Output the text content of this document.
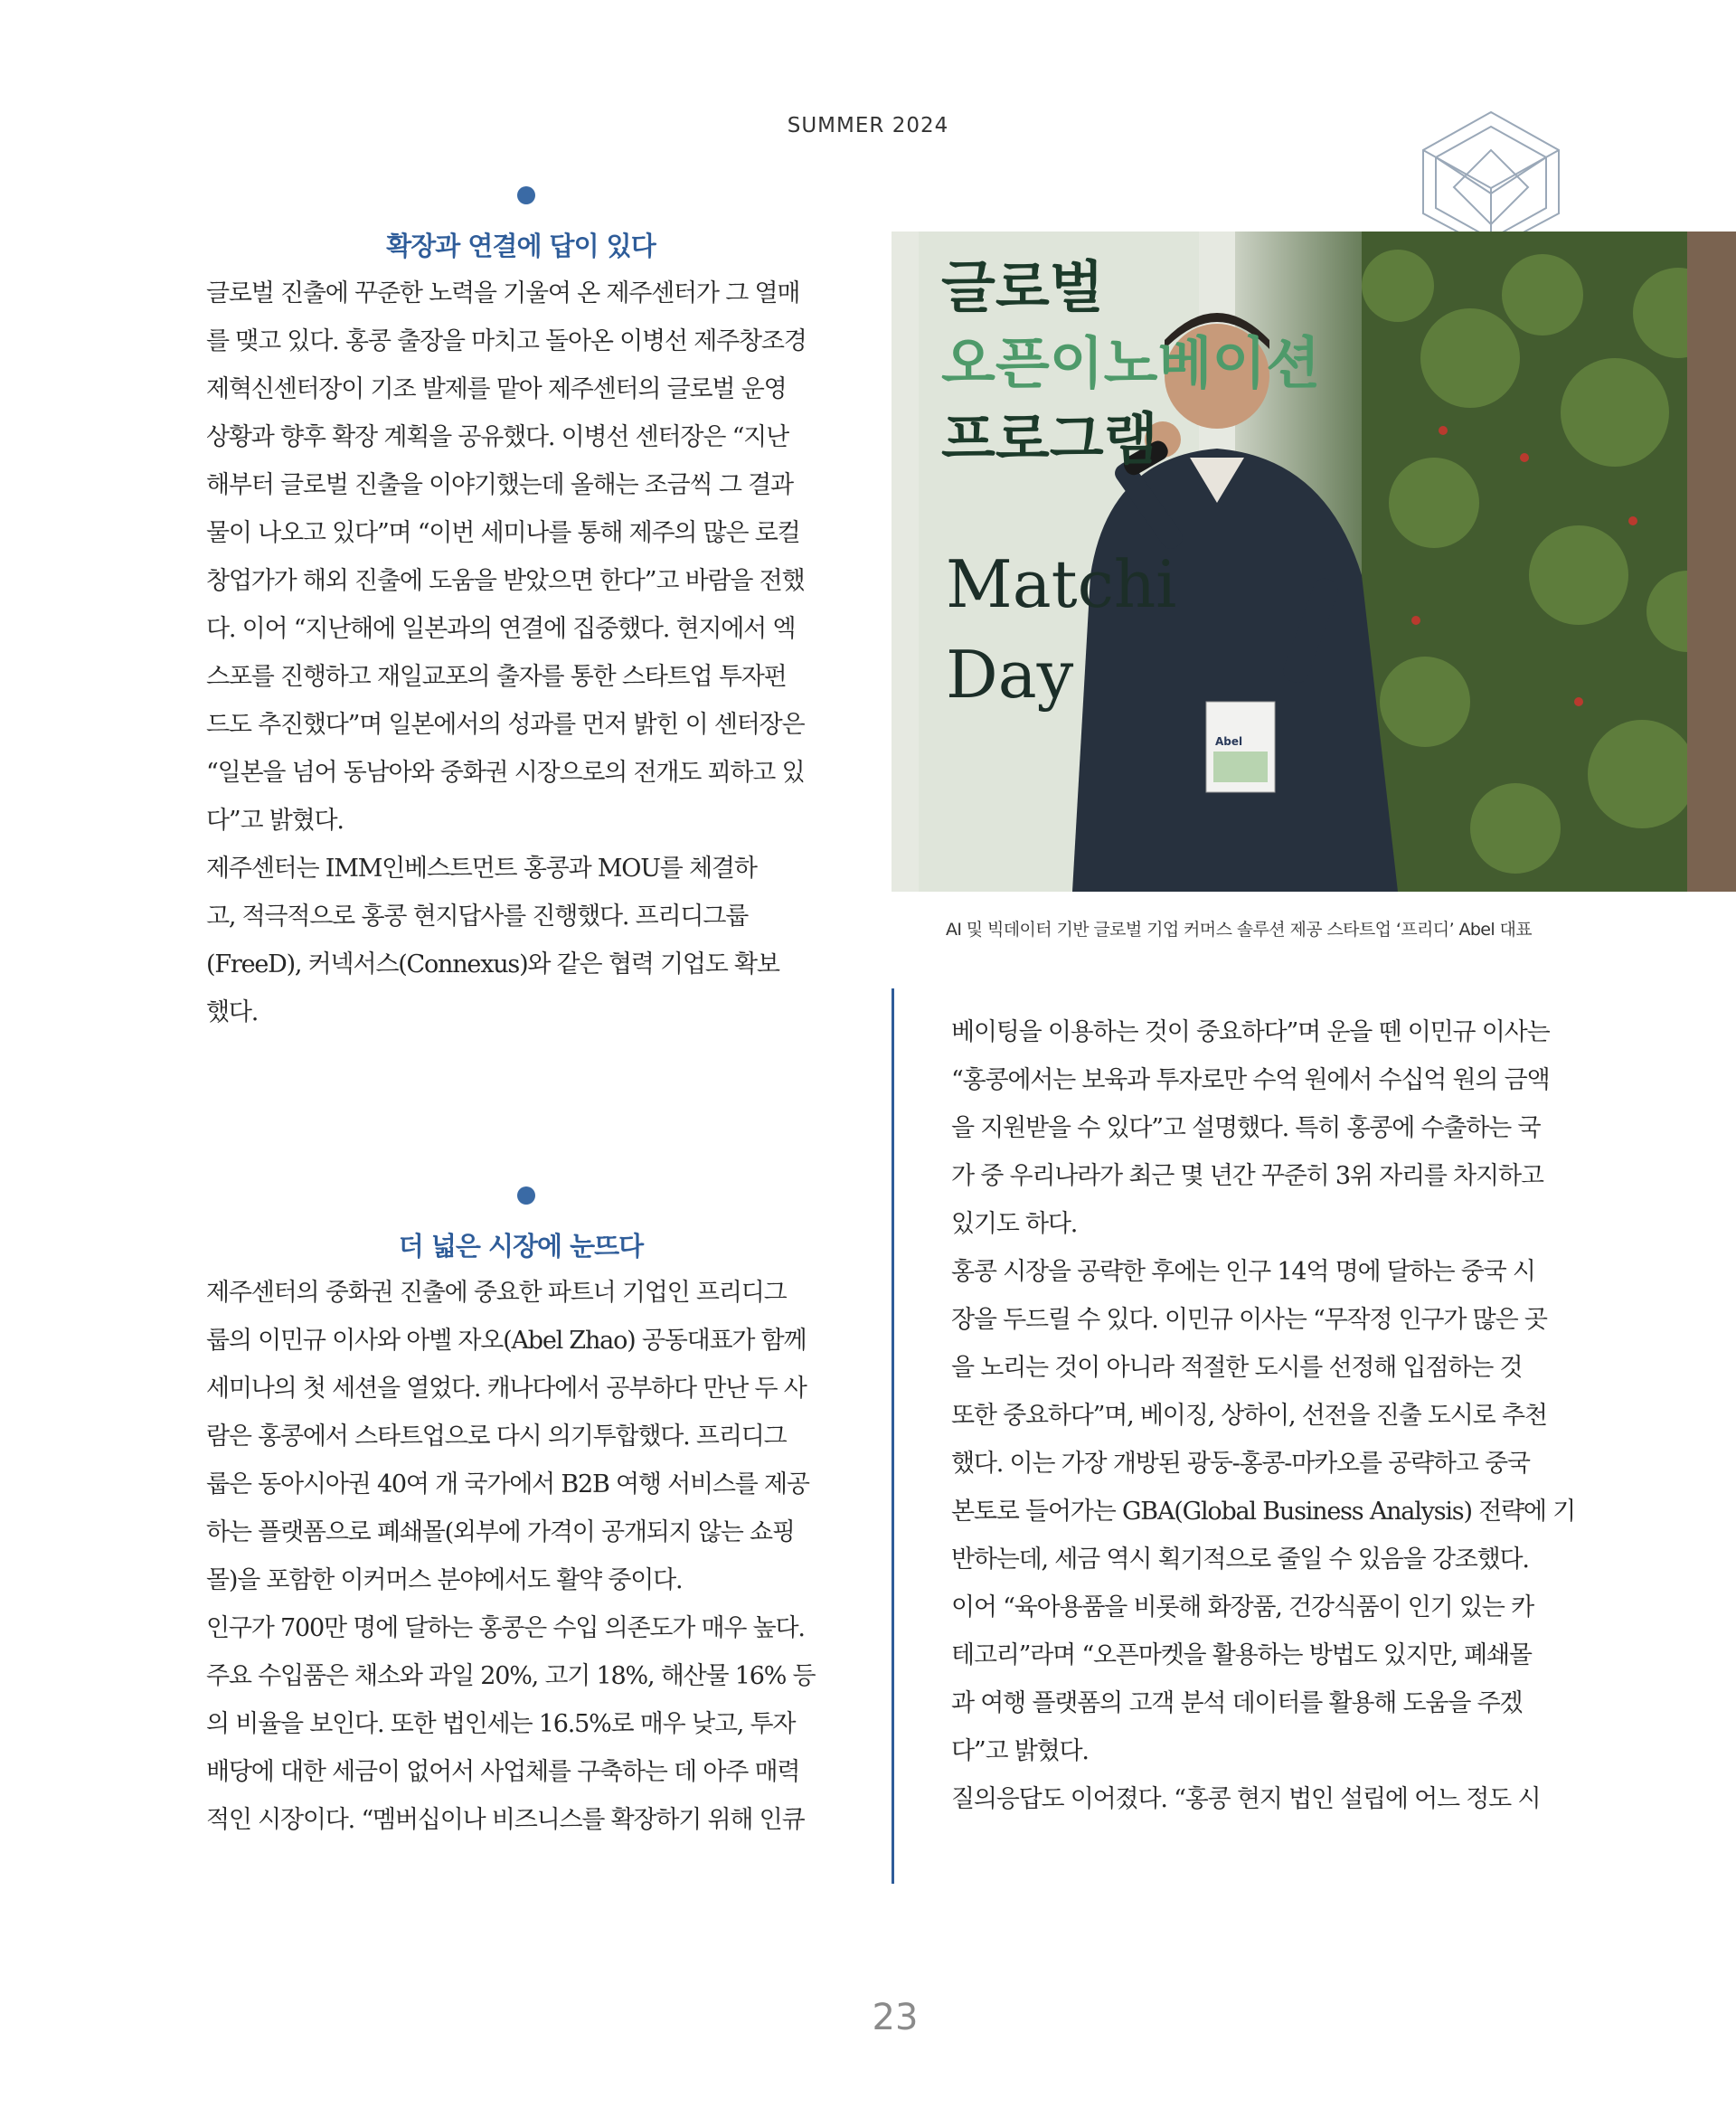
SUMMER 2024
확장과 연결에 답이 있다
글로벌 진출에 꾸준한 노력을 기울여 온 제주센터가 그 열매
를 맺고 있다. 홍콩 출장을 마치고 돌아온 이병선 제주창조경
제혁신센터장이 기조 발제를 맡아 제주센터의 글로벌 운영
상황과 향후 확장 계획을 공유했다. 이병선 센터장은 “지난
해부터 글로벌 진출을 이야기했는데 올해는 조금씩 그 결과
물이 나오고 있다”며 “이번 세미나를 통해 제주의 많은 로컬
창업가가 해외 진출에 도움을 받았으면 한다”고 바람을 전했
다. 이어 “지난해에 일본과의 연결에 집중했다. 현지에서 엑
스포를 진행하고 재일교포의 출자를 통한 스타트업 투자펀
드도 추진했다”며 일본에서의 성과를 먼저 밝힌 이 센터장은
“일본을 넘어 동남아와 중화권 시장으로의 전개도 꾀하고 있
다”고 밝혔다.
제주센터는 IMM인베스트먼트 홍콩과 MOU를 체결하
고, 적극적으로 홍콩 현지답사를 진행했다. 프리디그룹
(FreeD), 커넥서스(Connexus)와 같은 협력 기업도 확보
했다.
더 넓은 시장에 눈뜨다
제주센터의 중화권 진출에 중요한 파트너 기업인 프리디그
룹의 이민규 이사와 아벨 자오(Abel Zhao) 공동대표가 함께
세미나의 첫 세션을 열었다. 캐나다에서 공부하다 만난 두 사
람은 홍콩에서 스타트업으로 다시 의기투합했다. 프리디그
룹은 동아시아권 40여 개 국가에서 B2B 여행 서비스를 제공
하는 플랫폼으로 폐쇄몰(외부에 가격이 공개되지 않는 쇼핑
몰)을 포함한 이커머스 분야에서도 활약 중이다.
인구가 700만 명에 달하는 홍콩은 수입 의존도가 매우 높다.
주요 수입품은 채소와 과일 20%, 고기 18%, 해산물 16% 등
의 비율을 보인다. 또한 법인세는 16.5%로 매우 낮고, 투자
배당에 대한 세금이 없어서 사업체를 구축하는 데 아주 매력
적인 시장이다. “멤버십이나 비즈니스를 확장하기 위해 인큐
글로벌
오픈이노베이션
프로그램
Matchi
Day
Abel
AI 및 빅데이터 기반 글로벌 기업 커머스 솔루션 제공 스타트업 ‘프리디’ Abel 대표
베이팅을 이용하는 것이 중요하다”며 운을 뗀 이민규 이사는
“홍콩에서는 보육과 투자로만 수억 원에서 수십억 원의 금액
을 지원받을 수 있다”고 설명했다. 특히 홍콩에 수출하는 국
가 중 우리나라가 최근 몇 년간 꾸준히 3위 자리를 차지하고
있기도 하다.
홍콩 시장을 공략한 후에는 인구 14억 명에 달하는 중국 시
장을 두드릴 수 있다. 이민규 이사는 “무작정 인구가 많은 곳
을 노리는 것이 아니라 적절한 도시를 선정해 입점하는 것
또한 중요하다”며, 베이징, 상하이, 선전을 진출 도시로 추천
했다. 이는 가장 개방된 광둥-홍콩-마카오를 공략하고 중국
본토로 들어가는 GBA(Global Business Analysis) 전략에 기
반하는데, 세금 역시 획기적으로 줄일 수 있음을 강조했다.
이어 “육아용품을 비롯해 화장품, 건강식품이 인기 있는 카
테고리”라며 “오픈마켓을 활용하는 방법도 있지만, 폐쇄몰
과 여행 플랫폼의 고객 분석 데이터를 활용해 도움을 주겠
다”고 밝혔다.
질의응답도 이어졌다. “홍콩 현지 법인 설립에 어느 정도 시
23
